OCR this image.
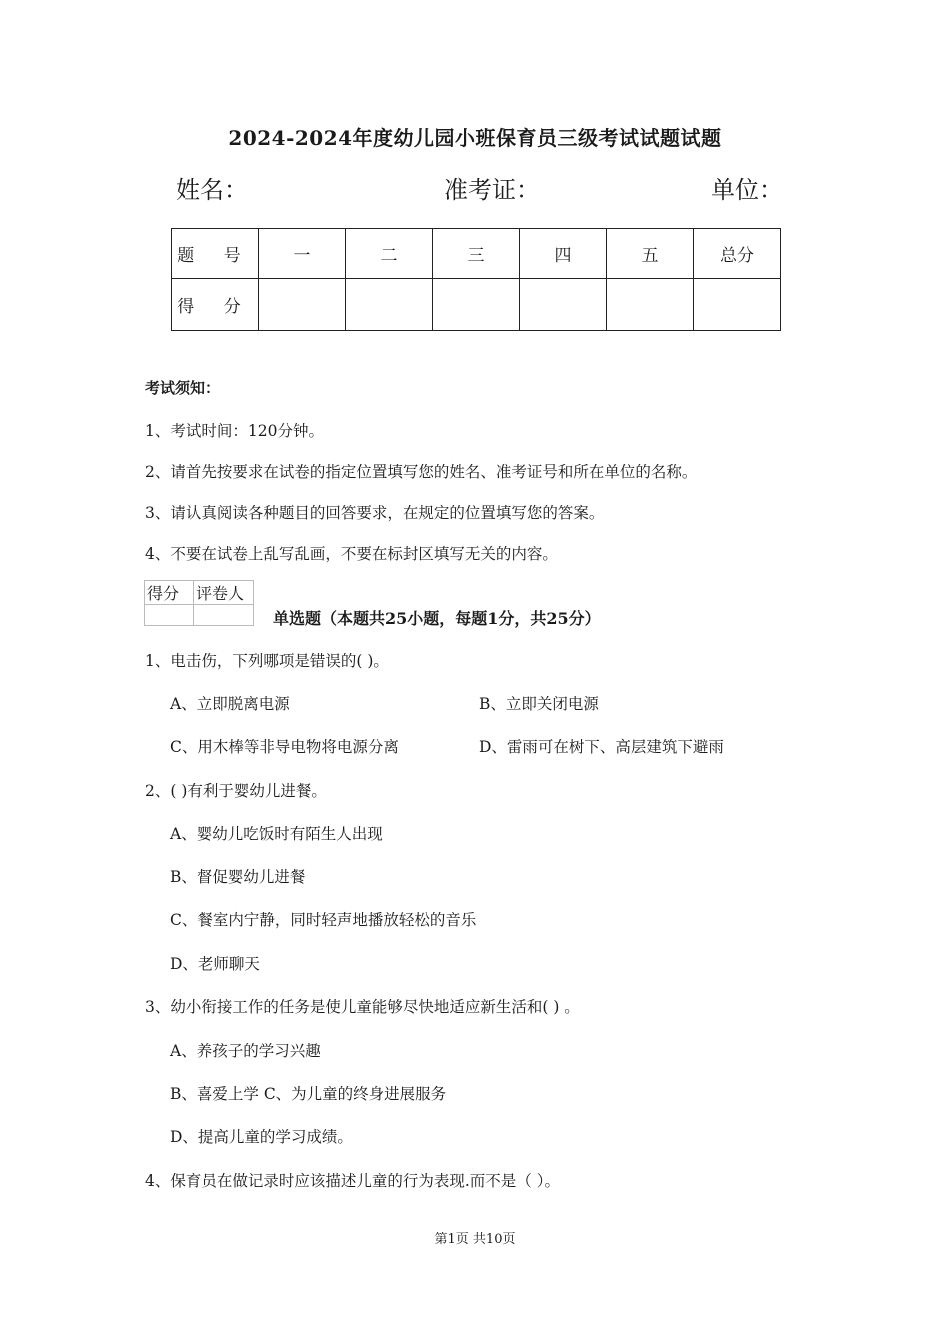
2024-2024年度幼儿园小班保育员三级考试试题试题
姓名：	准考证：	单位：
题 号	一	二	三	四	五	总分
得 分						
考试须知：
1、考试时间：120分钟。
2、请首先按要求在试卷的指定位置填写您的姓名、准考证号和所在单位的名称。
3、请认真阅读各种题目的回答要求，在规定的位置填写您的答案。
4、不要在试卷上乱写乱画，不要在标封区填写无关的内容。
得分	评卷人

单选题（本题共25小题，每题1分，共25分）
1、电击伤，下列哪项是错误的( )。
A、立即脱离电源	B、立即关闭电源
C、用木棒等非导电物将电源分离	D、雷雨可在树下、高层建筑下避雨
2、( )有利于婴幼儿进餐。
A、婴幼儿吃饭时有陌生人出现
B、督促婴幼儿进餐
C、餐室内宁静，同时轻声地播放轻松的音乐
D、老师聊天
3、幼小衔接工作的任务是使儿童能够尽快地适应新生活和( ) 。
A、养孩子的学习兴趣
B、喜爱上学 C、为儿童的终身进展服务
D、提高儿童的学习成绩。
4、保育员在做记录时应该描述儿童的行为表现.而不是（ ）。
第1页 共10页
